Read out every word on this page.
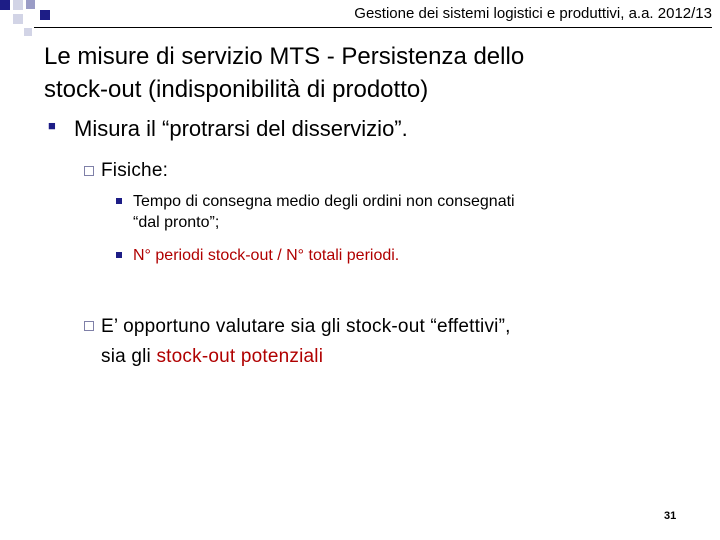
Gestione dei sistemi logistici e produttivi, a.a. 2012/13
Le misure di servizio MTS - Persistenza dello
stock-out (indisponibilità di prodotto)
■ Misura il “protrarsi del disservizio”.
Fisiche:
Tempo di consegna medio degli ordini non consegnati
“dal pronto”;
N° periodi stock-out / N° totali periodi.
E’ opportuno valutare sia gli stock-out “effettivi”,
sia gli stock-out potenziali
31
